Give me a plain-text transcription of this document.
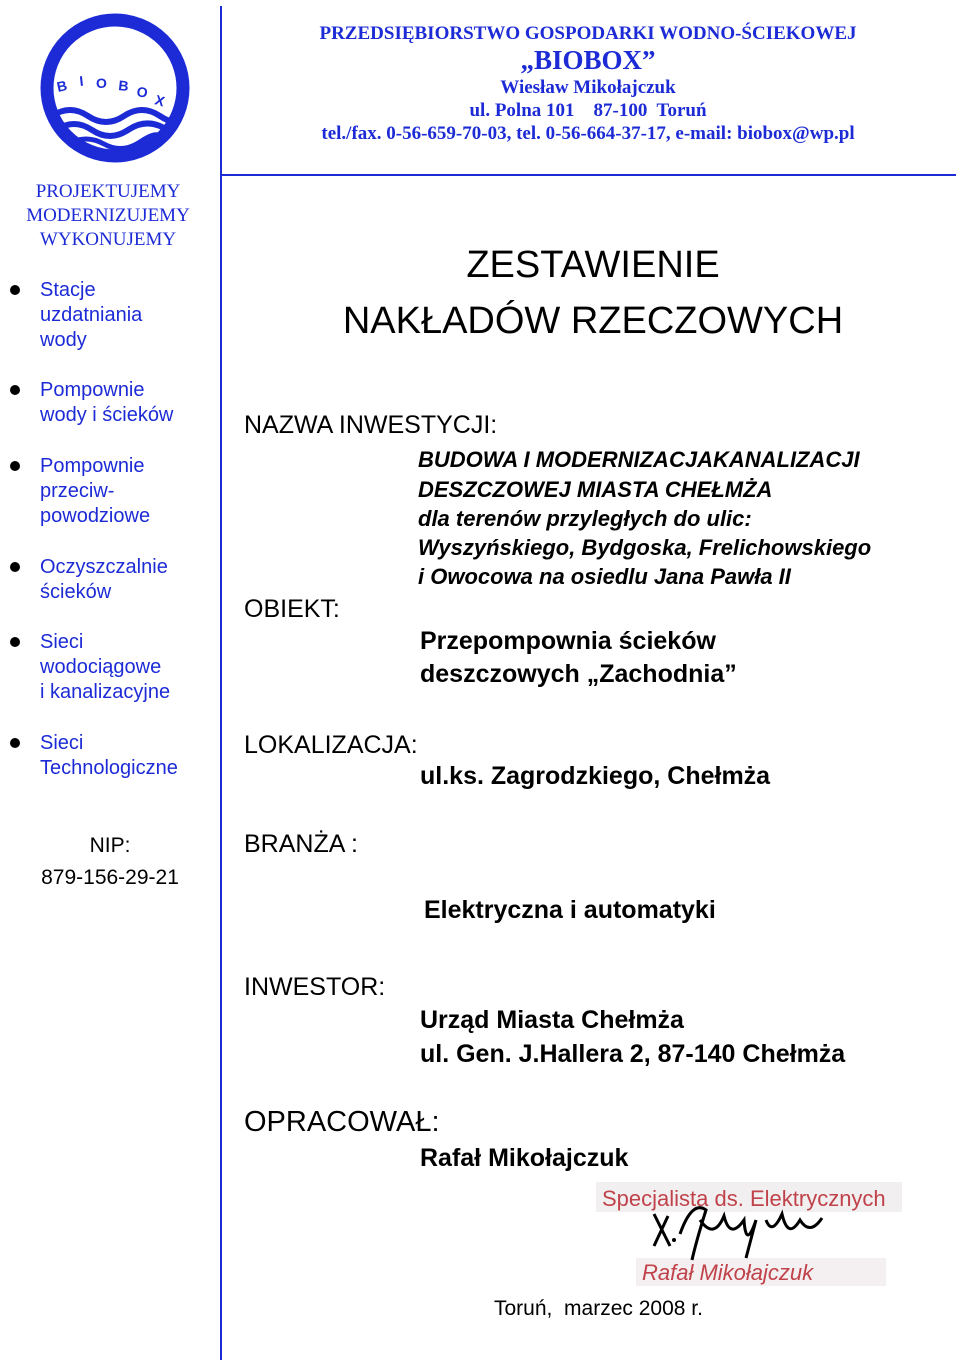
B I O B O X
PRZEDSIĘBIORSTWO GOSPODARKI WODNO-ŚCIEKOWEJ
„BIOBOX”
Wiesław Mikołajczuk
ul. Polna 101    87-100  Toruń
tel./fax. 0-56-659-70-03, tel. 0-56-664-37-17, e-mail: biobox@wp.pl
PROJEKTUJEMY
MODERNIZUJEMY
WYKONUJEMY
Stacje
uzdatniania
wody
Pompownie
wody i ścieków
Pompownie
przeciw-
powodziowe
Oczyszczalnie
ścieków
Sieci
wodociągowe
i kanalizacyjne
Sieci
Technologiczne
NIP:
879-156-29-21
ZESTAWIENIE
NAKŁADÓW RZECZOWYCH
NAZWA INWESTYCJI:
BUDOWA I MODERNIZACJAKANALIZACJI
DESZCZOWEJ MIASTA CHEŁMŻA
dla terenów przyległych do ulic:
Wyszyńskiego, Bydgoska, Frelichowskiego
i Owocowa na osiedlu Jana Pawła II
OBIEKT:
Przepompownia ścieków
deszczowych „Zachodnia”
LOKALIZACJA:
ul.ks. Zagrodzkiego, Chełmża
BRANŻA :
Elektryczna i automatyki
INWESTOR:
Urząd Miasta Chełmża
ul. Gen. J.Hallera 2, 87-140 Chełmża
OPRACOWAŁ:
Rafał Mikołajczuk
Specjalista ds. Elektrycznych
Rafał Mikołajczuk
Toruń,  marzec 2008 r.
